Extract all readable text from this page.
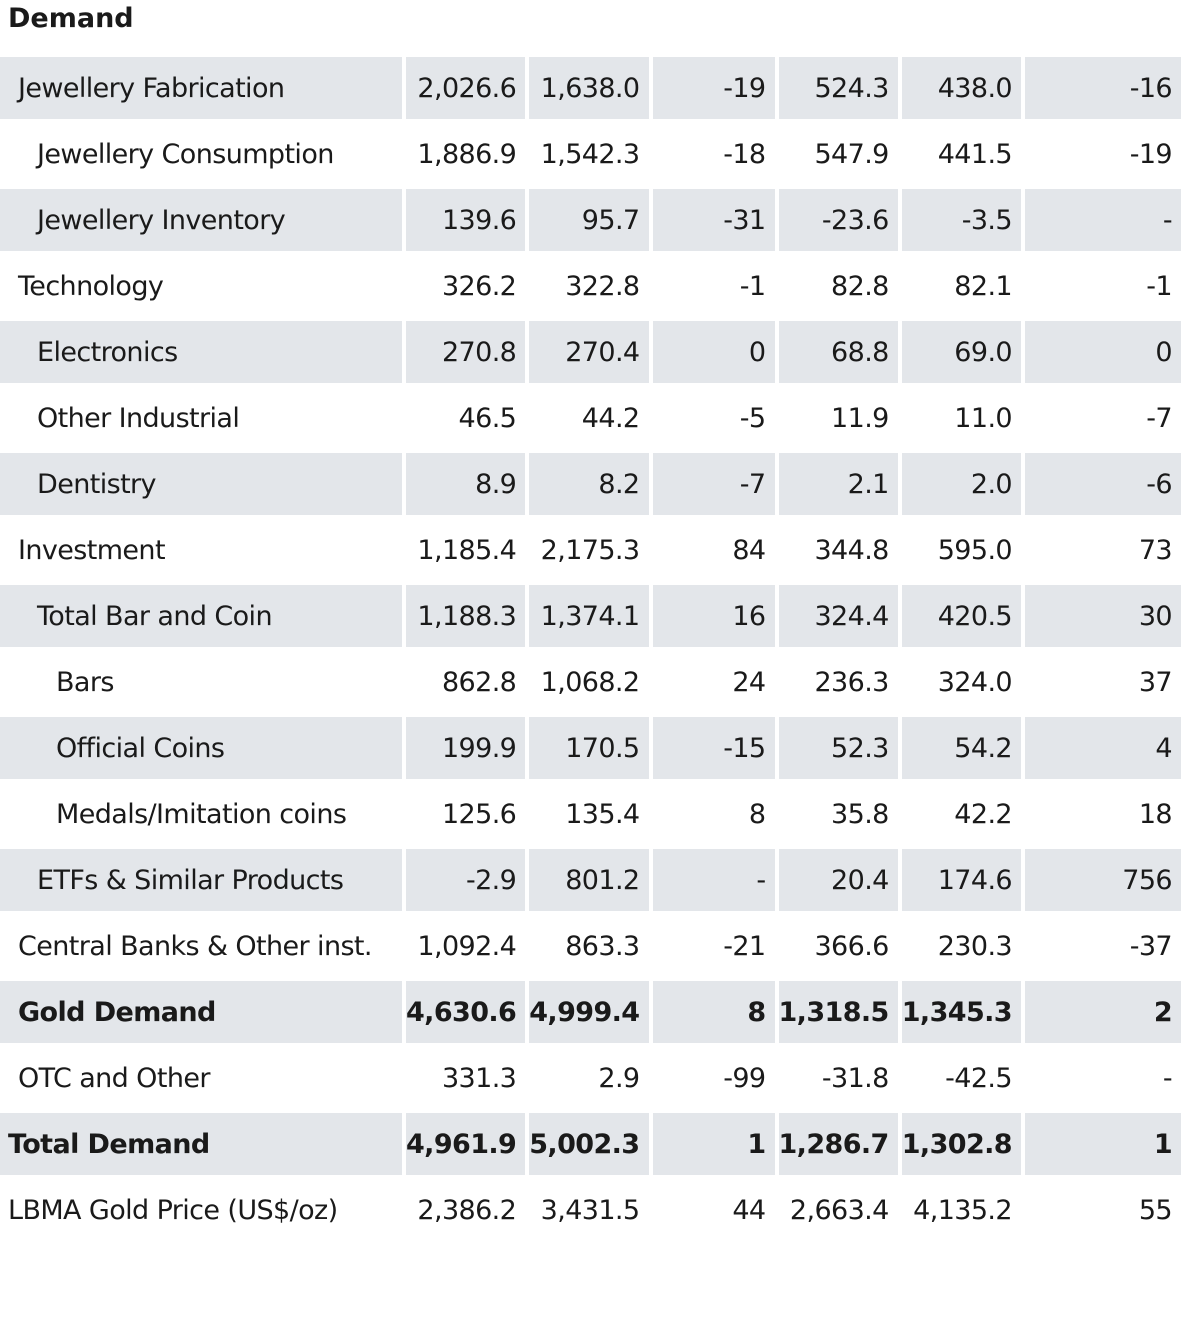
Demand
Jewellery Fabrication	2,026.6	1,638.0	-19	524.3	438.0	-16
Jewellery Consumption	1,886.9	1,542.3	-18	547.9	441.5	-19
Jewellery Inventory	139.6	95.7	-31	-23.6	-3.5	-
Technology	326.2	322.8	-1	82.8	82.1	-1
Electronics	270.8	270.4	0	68.8	69.0	0
Other Industrial	46.5	44.2	-5	11.9	11.0	-7
Dentistry	8.9	8.2	-7	2.1	2.0	-6
Investment	1,185.4	2,175.3	84	344.8	595.0	73
Total Bar and Coin	1,188.3	1,374.1	16	324.4	420.5	30
Bars	862.8	1,068.2	24	236.3	324.0	37
Official Coins	199.9	170.5	-15	52.3	54.2	4
Medals/Imitation coins	125.6	135.4	8	35.8	42.2	18
ETFs & Similar Products	-2.9	801.2	-	20.4	174.6	756
Central Banks & Other inst.	1,092.4	863.3	-21	366.6	230.3	-37
Gold Demand	4,630.6	4,999.4	8	1,318.5	1,345.3	2
OTC and Other	331.3	2.9	-99	-31.8	-42.5	-
Total Demand	4,961.9	5,002.3	1	1,286.7	1,302.8	1
LBMA Gold Price (US$/oz)	2,386.2	3,431.5	44	2,663.4	4,135.2	55
